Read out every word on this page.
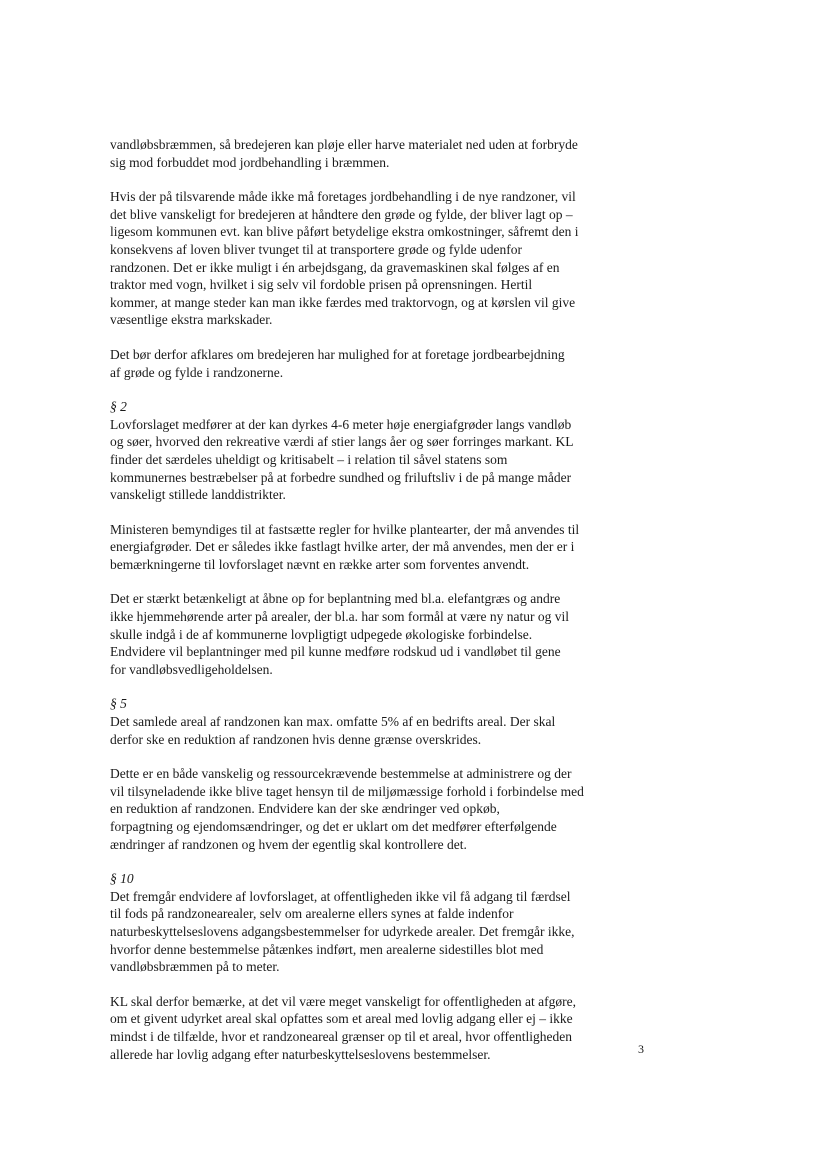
vandløbsbræmmen, så bredejeren kan pløje eller harve materialet ned uden at forbryde
sig mod forbuddet mod jordbehandling i bræmmen.
Hvis der på tilsvarende måde ikke må foretages jordbehandling i de nye randzoner, vil
det blive vanskeligt for bredejeren at håndtere den grøde og fylde, der bliver lagt op –
ligesom kommunen evt. kan blive påført betydelige ekstra omkostninger, såfremt den i
konsekvens af loven bliver tvunget til at transportere grøde og fylde udenfor
randzonen. Det er ikke muligt i én arbejdsgang, da gravemaskinen skal følges af en
traktor med vogn, hvilket i sig selv vil fordoble prisen på oprensningen. Hertil
kommer, at mange steder kan man ikke færdes med traktorvogn, og at kørslen vil give
væsentlige ekstra markskader.
Det bør derfor afklares om bredejeren har mulighed for at foretage jordbearbejdning
af grøde og fylde i randzonerne.
§ 2
Lovforslaget medfører at der kan dyrkes 4-6 meter høje energiafgrøder langs vandløb
og søer, hvorved den rekreative værdi af stier langs åer og søer forringes markant. KL
finder det særdeles uheldigt og kritisabelt – i relation til såvel statens som
kommunernes bestræbelser på at forbedre sundhed og friluftsliv i de på mange måder
vanskeligt stillede landdistrikter.
Ministeren bemyndiges til at fastsætte regler for hvilke plantearter, der må anvendes til
energiafgrøder. Det er således ikke fastlagt hvilke arter, der må anvendes, men der er i
bemærkningerne til lovforslaget nævnt en række arter som forventes anvendt.
Det er stærkt betænkeligt at åbne op for beplantning med bl.a. elefantgræs og andre
ikke hjemmehørende arter på arealer, der bl.a. har som formål at være ny natur og vil
skulle indgå i de af kommunerne lovpligtigt udpegede økologiske forbindelse.
Endvidere vil beplantninger med pil kunne medføre rodskud ud i vandløbet til gene
for vandløbsvedligeholdelsen.
§ 5
Det samlede areal af randzonen kan max. omfatte 5% af en bedrifts areal. Der skal
derfor ske en reduktion af randzonen hvis denne grænse overskrides.
Dette er en både vanskelig og ressourcekrævende bestemmelse at administrere og der
vil tilsyneladende ikke blive taget hensyn til de miljømæssige forhold i forbindelse med
en reduktion af randzonen. Endvidere kan der ske ændringer ved opkøb,
forpagtning og ejendomsændringer, og det er uklart om det medfører efterfølgende
ændringer af randzonen og hvem der egentlig skal kontrollere det.
§ 10
Det fremgår endvidere af lovforslaget, at offentligheden ikke vil få adgang til færdsel
til fods på randzonearealer, selv om arealerne ellers synes at falde indenfor
naturbeskyttelseslovens adgangsbestemmelser for udyrkede arealer. Det fremgår ikke,
hvorfor denne bestemmelse påtænkes indført, men arealerne sidestilles blot med
vandløbsbræmmen på to meter.
KL skal derfor bemærke, at det vil være meget vanskeligt for offentligheden at afgøre,
om et givent udyrket areal skal opfattes som et areal med lovlig adgang eller ej – ikke
mindst i de tilfælde, hvor et randzoneareal grænser op til et areal, hvor offentligheden
allerede har lovlig adgang efter naturbeskyttelseslovens bestemmelser.	3
